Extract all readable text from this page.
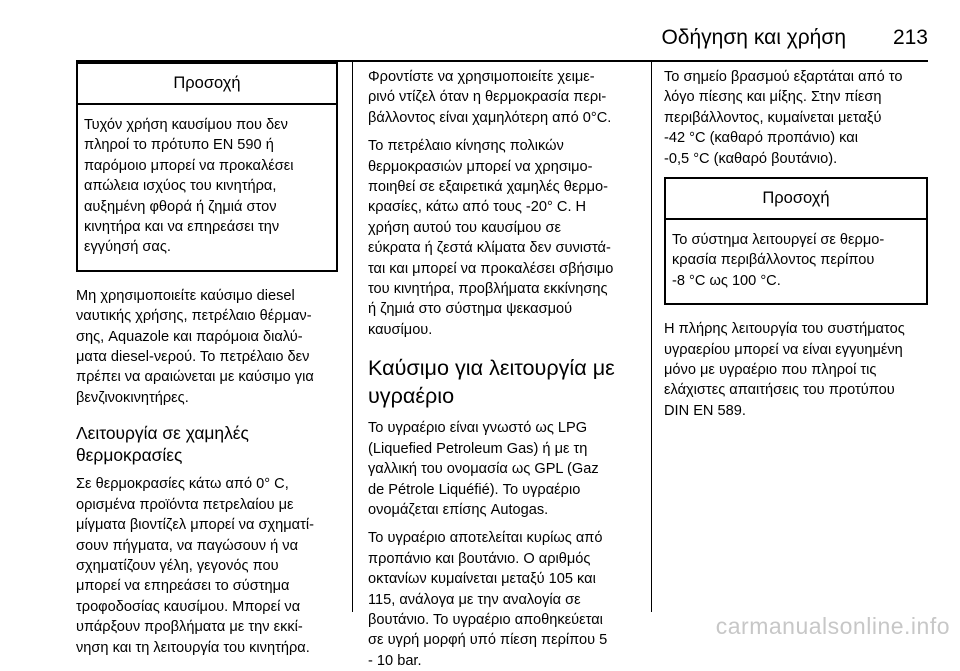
Οδήγηση και χρήση 213
Προσοχή

Τυχόν χρήση καυσίμου που δεν

πληροί το πρότυπο EN 590 ή

παρόμοιο μπορεί να προκαλέσει

απώλεια ισχύος του κινητήρα,

αυξημένη φθορά ή ζημιά στον

κινητήρα και να επηρεάσει την

εγγύησή σας.

Μη χρησιμοποιείτε καύσιμο diesel

ναυτικής χρήσης, πετρέλαιο θέρμαν-

σης, Aquazole και παρόμοια διαλύ-

ματα diesel-νερού. Το πετρέλαιο δεν

πρέπει να αραιώνεται με καύσιμο για

βενζινοκινητήρες.

Λειτουργία σε χαμηλές

θερμοκρασίες

Σε θερμοκρασίες κάτω από 0° C,

ορισμένα προϊόντα πετρελαίου με

μίγματα βιοντίζελ μπορεί να σχηματί-

σουν πήγματα, να παγώσουν ή να

σχηματίζουν γέλη, γεγονός που

μπορεί να επηρεάσει το σύστημα

τροφοδοσίας καυσίμου. Μπορεί να

υπάρξουν προβλήματα με την εκκί-

νηση και τη λειτουργία του κινητήρα.

Φροντίστε να χρησιμοποιείτε χειμε-

ρινό ντίζελ όταν η θερμοκρασία περι-

βάλλοντος είναι χαμηλότερη από 0°C.

Το πετρέλαιο κίνησης πολικών

θερμοκρασιών μπορεί να χρησιμο-

ποιηθεί σε εξαιρετικά χαμηλές θερμο-

κρασίες, κάτω από τους -20° C. Η

χρήση αυτού του καυσίμου σε

εύκρατα ή ζεστά κλίματα δεν συνιστά-

ται και μπορεί να προκαλέσει σβήσιμο

του κινητήρα, προβλήματα εκκίνησης

ή ζημιά στο σύστημα ψεκασμού

καυσίμου.

Καύσιμο για λειτουργία με

υγραέριο

Το υγραέριο είναι γνωστό ως LPG

(Liquefied Petroleum Gas) ή με τη

γαλλική του ονομασία ως GPL (Gaz

de Pétrole Liquéfié). Το υγραέριο

ονομάζεται επίσης Autogas.

Το υγραέριο αποτελείται κυρίως από

προπάνιο και βουτάνιο. Ο αριθμός

οκτανίων κυμαίνεται μεταξύ 105 και

115, ανάλογα με την αναλογία σε

βουτάνιο. Το υγραέριο αποθηκεύεται

σε υγρή μορφή υπό πίεση περίπου 5

- 10 bar.

Το σημείο βρασμού εξαρτάται από το

λόγο πίεσης και μίξης. Στην πίεση

περιβάλλοντος, κυμαίνεται μεταξύ

-42 °C (καθαρό προπάνιο) και

-0,5 °C (καθαρό βουτάνιο).

Προσοχή

Το σύστημα λειτουργεί σε θερμο-

κρασία περιβάλλοντος περίπου

-8 °C ως 100 °C.

Η πλήρης λειτουργία του συστήματος

υγραερίου μπορεί να είναι εγγυημένη

μόνο με υγραέριο που πληροί τις

ελάχιστες απαιτήσεις του προτύπου

DIN EN 589.

carmanualsonline.info
